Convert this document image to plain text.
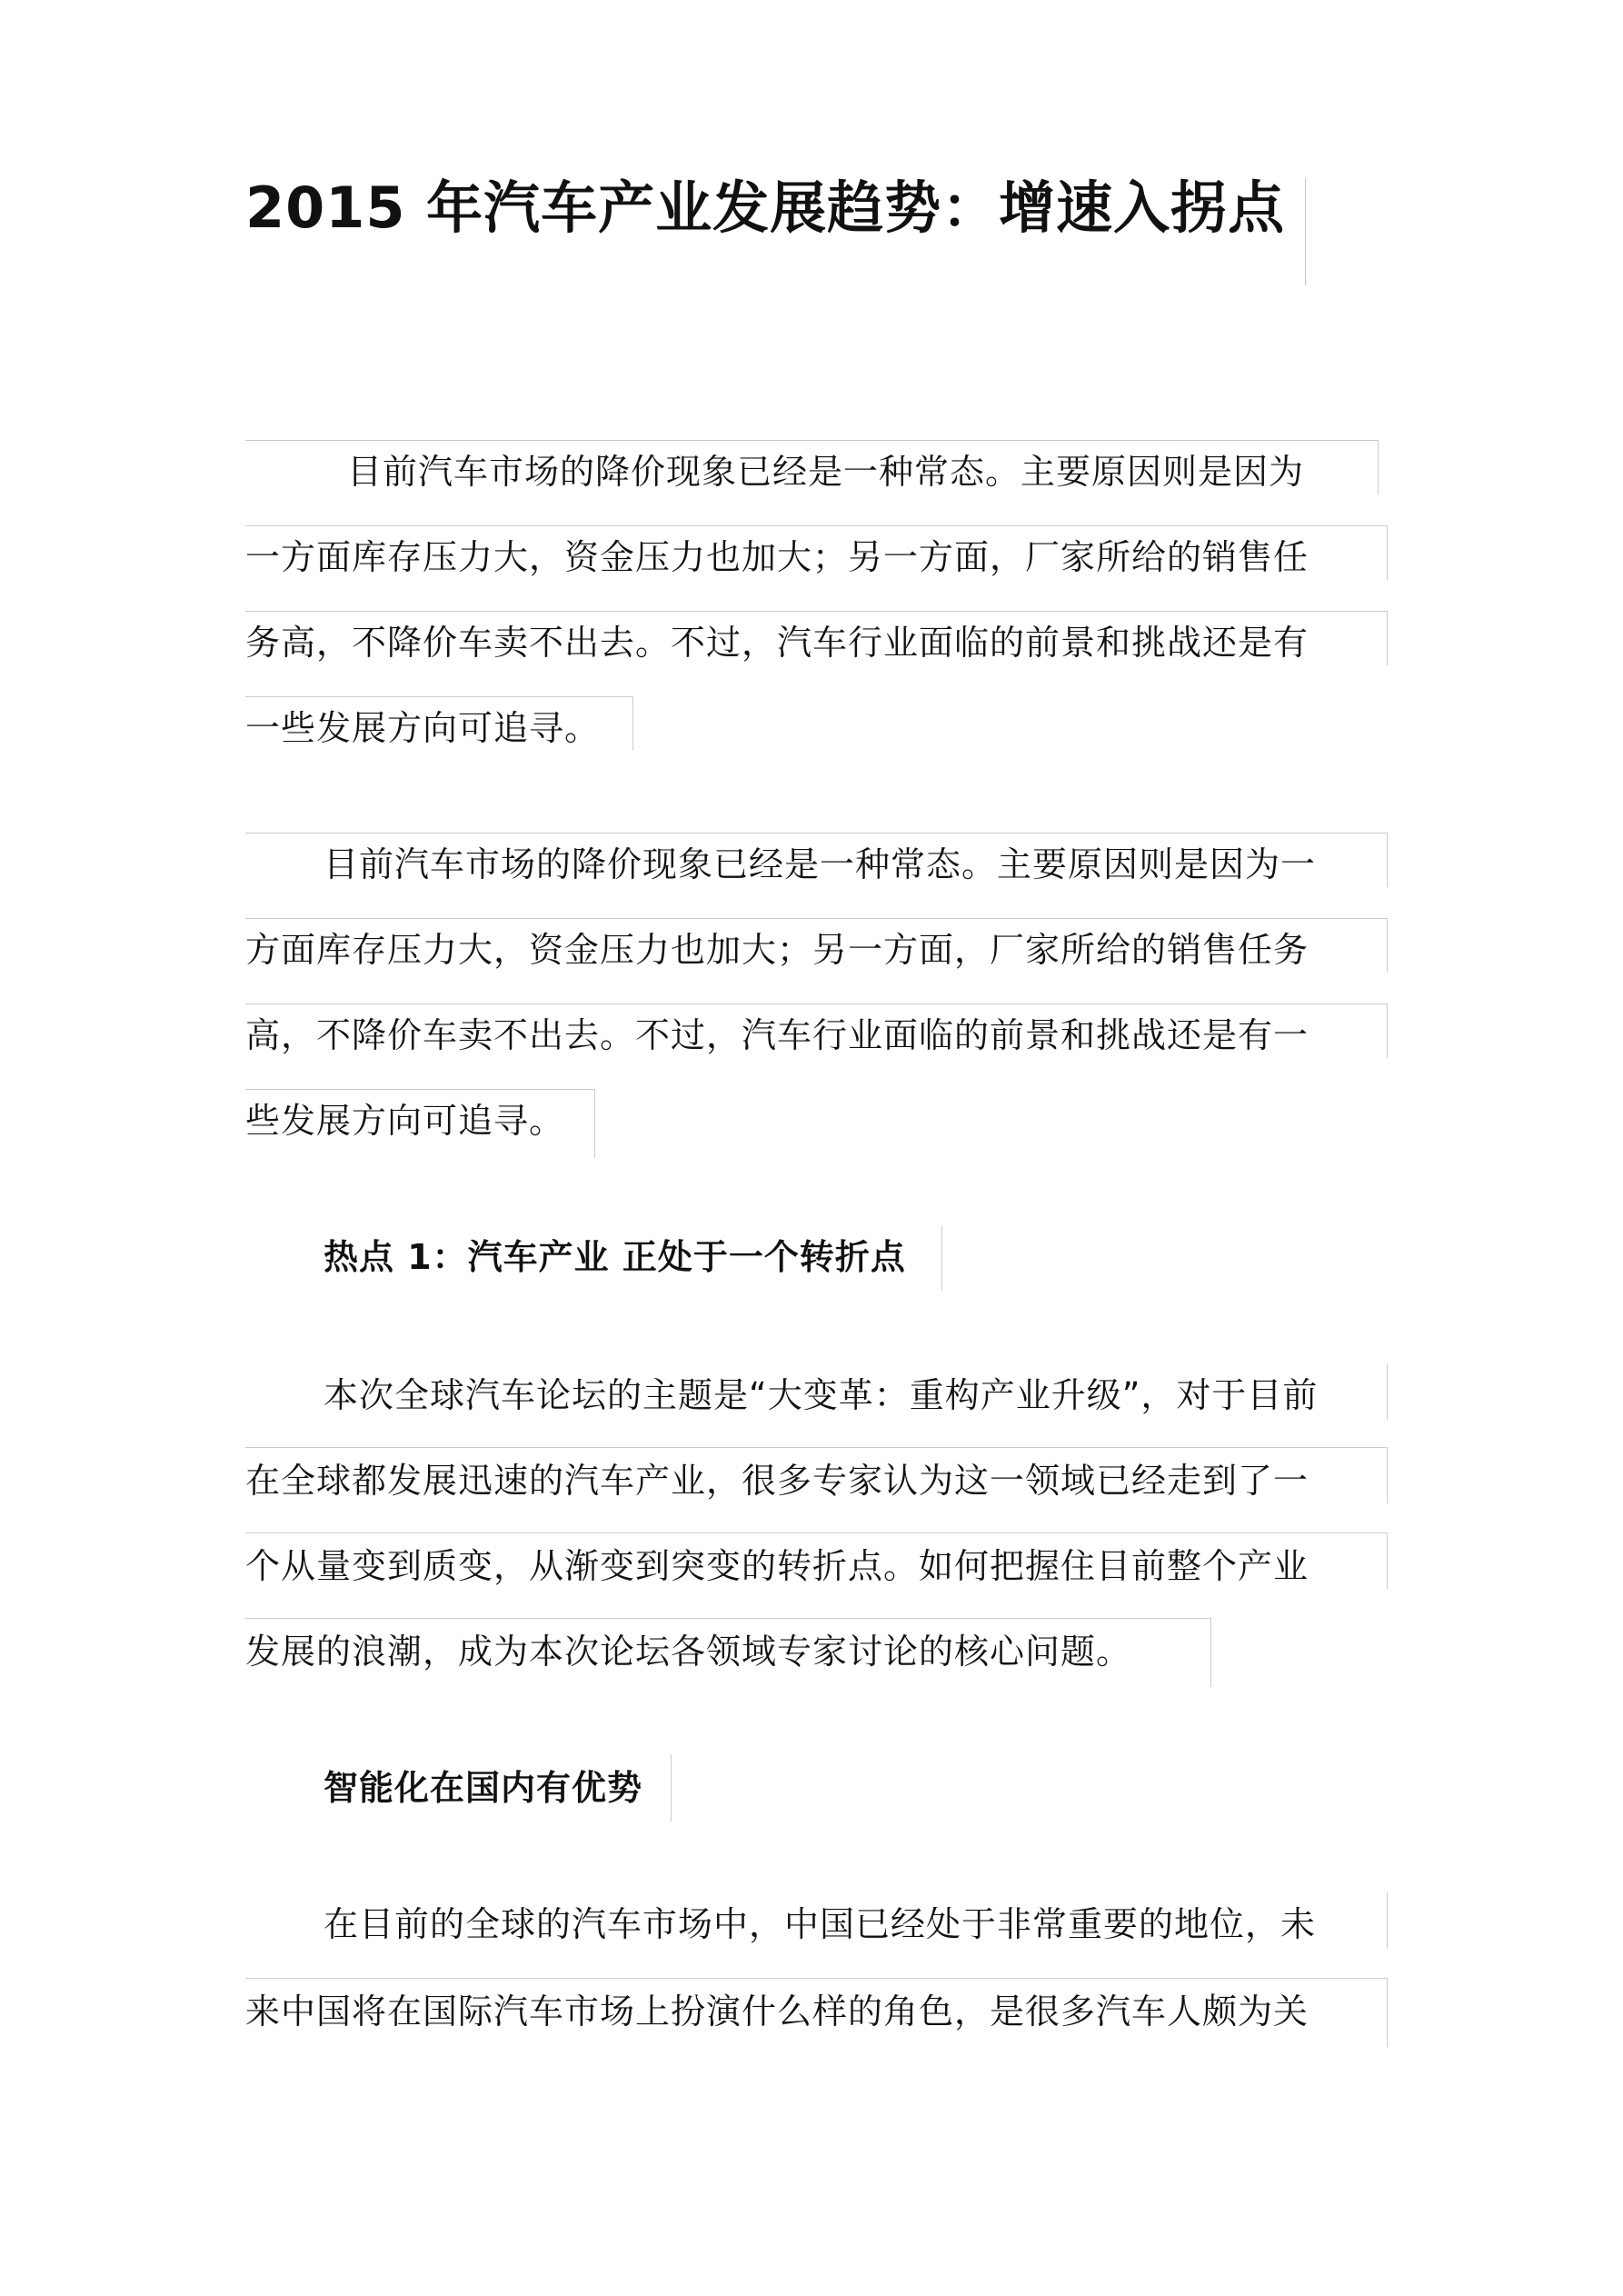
2015 年汽车产业发展趋势：增速入拐点
目前汽车市场的降价现象已经是一种常态。主要原因则是因为
一方面库存压力大，资金压力也加大；另一方面，厂家所给的销售任
务高，不降价车卖不出去。不过，汽车行业面临的前景和挑战还是有
一些发展方向可追寻。
目前汽车市场的降价现象已经是一种常态。主要原因则是因为一
方面库存压力大，资金压力也加大；另一方面，厂家所给的销售任务
高，不降价车卖不出去。不过，汽车行业面临的前景和挑战还是有一
些发展方向可追寻。
热点 1：汽车产业 正处于一个转折点
本次全球汽车论坛的主题是“大变革：重构产业升级”，对于目前
在全球都发展迅速的汽车产业，很多专家认为这一领域已经走到了一
个从量变到质变，从渐变到突变的转折点。如何把握住目前整个产业
发展的浪潮，成为本次论坛各领域专家讨论的核心问题。
智能化在国内有优势
在目前的全球的汽车市场中，中国已经处于非常重要的地位，未
来中国将在国际汽车市场上扮演什么样的角色，是很多汽车人颇为关
